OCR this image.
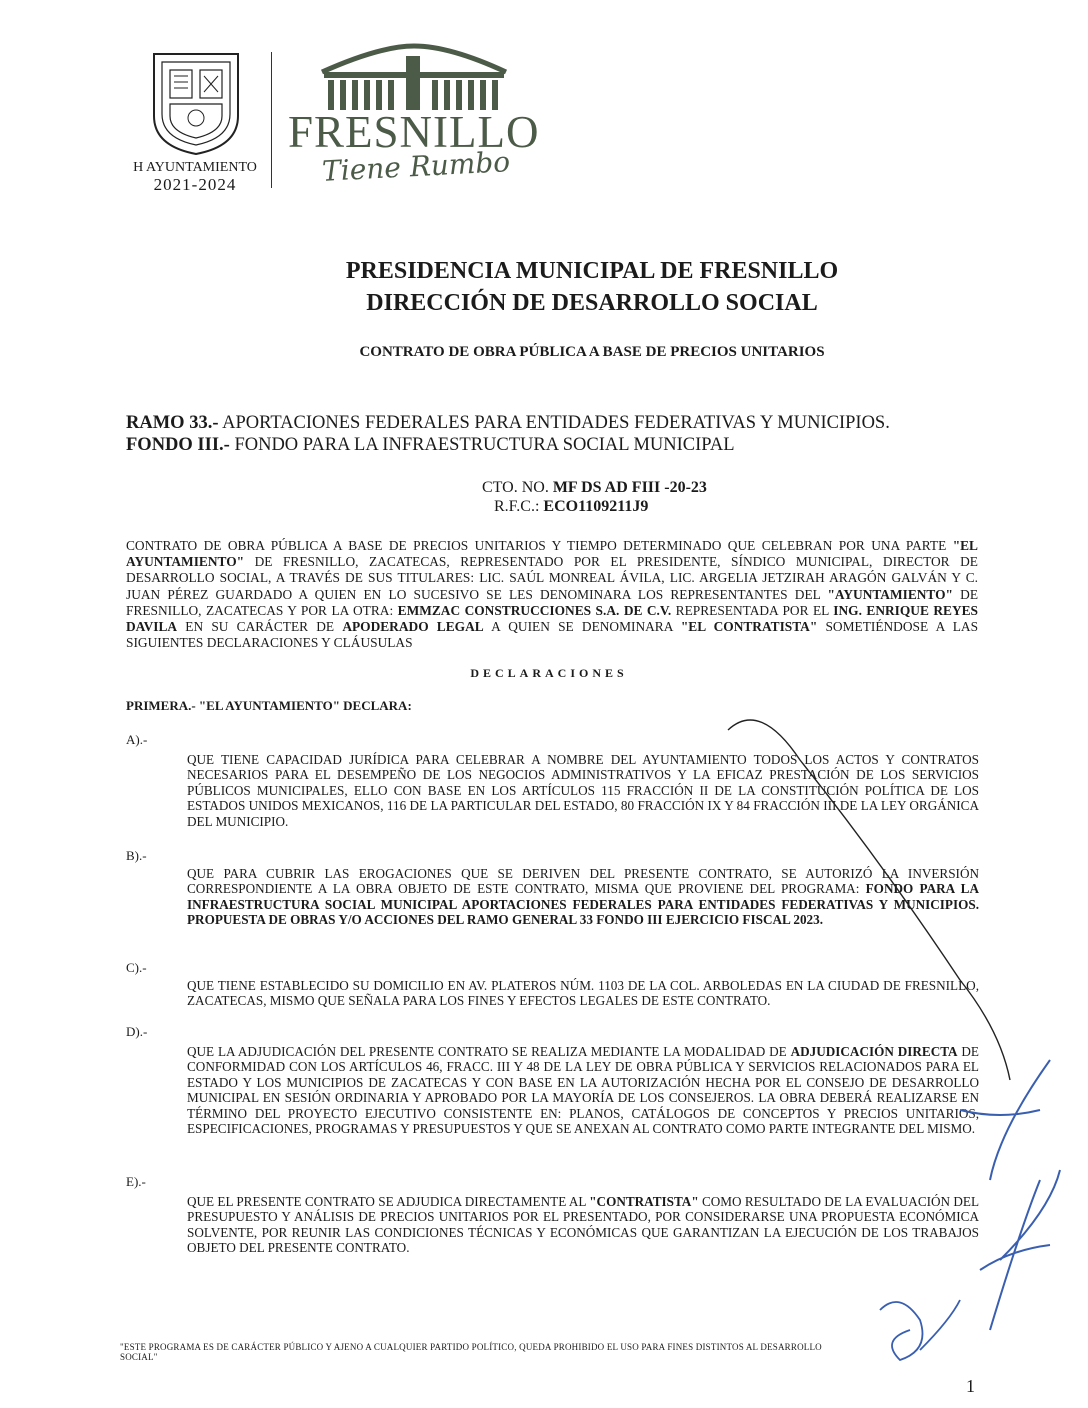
H AYUNTAMIENTO
2021-2024
FRESNILLO
Tiene Rumbo
PRESIDENCIA MUNICIPAL DE FRESNILLO
DIRECCIÓN DE DESARROLLO SOCIAL
CONTRATO DE OBRA PÚBLICA A BASE DE PRECIOS UNITARIOS
RAMO 33.- APORTACIONES FEDERALES PARA ENTIDADES FEDERATIVAS Y MUNICIPIOS.
FONDO III.- FONDO PARA LA INFRAESTRUCTURA SOCIAL MUNICIPAL
CTO. NO. MF DS AD FIII -20-23
R.F.C.: ECO1109211J9
CONTRATO DE OBRA PÚBLICA A BASE DE PRECIOS UNITARIOS Y TIEMPO DETERMINADO QUE CELEBRAN POR UNA PARTE "EL AYUNTAMIENTO" DE FRESNILLO, ZACATECAS, REPRESENTADO POR EL PRESIDENTE, SÍNDICO MUNICIPAL, DIRECTOR DE DESARROLLO SOCIAL, A TRAVÉS DE SUS TITULARES: LIC. SAÚL MONREAL ÁVILA, LIC. ARGELIA JETZIRAH ARAGÓN GALVÁN Y C. JUAN PÉREZ GUARDADO A QUIEN EN LO SUCESIVO SE LES DENOMINARA LOS REPRESENTANTES DEL "AYUNTAMIENTO" DE FRESNILLO, ZACATECAS Y POR LA OTRA: EMMZAC CONSTRUCCIONES S.A. DE C.V. REPRESENTADA POR EL ING. ENRIQUE REYES DAVILA EN SU CARÁCTER DE APODERADO LEGAL A QUIEN SE DENOMINARA "EL CONTRATISTA" SOMETIÉNDOSE A LAS SIGUIENTES DECLARACIONES Y CLÁUSULAS
DECLARACIONES
PRIMERA.- "EL AYUNTAMIENTO" DECLARA:
A).-
QUE TIENE CAPACIDAD JURÍDICA PARA CELEBRAR A NOMBRE DEL AYUNTAMIENTO TODOS LOS ACTOS Y CONTRATOS NECESARIOS PARA EL DESEMPEÑO DE LOS NEGOCIOS ADMINISTRATIVOS Y LA EFICAZ PRESTACIÓN DE LOS SERVICIOS PÚBLICOS MUNICIPALES, ELLO CON BASE EN LOS ARTÍCULOS 115 FRACCIÓN II DE LA CONSTITUCIÓN POLÍTICA DE LOS ESTADOS UNIDOS MEXICANOS, 116 DE LA PARTICULAR DEL ESTADO, 80 FRACCIÓN IX Y 84 FRACCIÓN III DE LA LEY ORGÁNICA DEL MUNICIPIO.
B).-
QUE PARA CUBRIR LAS EROGACIONES QUE SE DERIVEN DEL PRESENTE CONTRATO, SE AUTORIZÓ LA INVERSIÓN CORRESPONDIENTE A LA OBRA OBJETO DE ESTE CONTRATO, MISMA QUE PROVIENE DEL PROGRAMA: FONDO PARA LA INFRAESTRUCTURA SOCIAL MUNICIPAL APORTACIONES FEDERALES PARA ENTIDADES FEDERATIVAS Y MUNICIPIOS. PROPUESTA DE OBRAS Y/O ACCIONES DEL RAMO GENERAL 33 FONDO III EJERCICIO FISCAL 2023.
C).-
QUE TIENE ESTABLECIDO SU DOMICILIO EN AV. PLATEROS NÚM. 1103 DE LA COL. ARBOLEDAS EN LA CIUDAD DE FRESNILLO, ZACATECAS, MISMO QUE SEÑALA PARA LOS FINES Y EFECTOS LEGALES DE ESTE CONTRATO.
D).-
QUE LA ADJUDICACIÓN DEL PRESENTE CONTRATO SE REALIZA MEDIANTE LA MODALIDAD DE ADJUDICACIÓN DIRECTA DE CONFORMIDAD CON LOS ARTÍCULOS 46, FRACC. III Y 48 DE LA LEY DE OBRA PÚBLICA Y SERVICIOS RELACIONADOS PARA EL ESTADO Y LOS MUNICIPIOS DE ZACATECAS Y CON BASE EN LA AUTORIZACIÓN HECHA POR EL CONSEJO DE DESARROLLO MUNICIPAL EN SESIÓN ORDINARIA Y APROBADO POR LA MAYORÍA DE LOS CONSEJEROS. LA OBRA DEBERÁ REALIZARSE EN TÉRMINO DEL PROYECTO EJECUTIVO CONSISTENTE EN: PLANOS, CATÁLOGOS DE CONCEPTOS Y PRECIOS UNITARIOS, ESPECIFICACIONES, PROGRAMAS Y PRESUPUESTOS Y QUE SE ANEXAN AL CONTRATO COMO PARTE INTEGRANTE DEL MISMO.
E).-
QUE EL PRESENTE CONTRATO SE ADJUDICA DIRECTAMENTE AL "CONTRATISTA" COMO RESULTADO DE LA EVALUACIÓN DEL PRESUPUESTO Y ANÁLISIS DE PRECIOS UNITARIOS POR EL PRESENTADO, POR CONSIDERARSE UNA PROPUESTA ECONÓMICA SOLVENTE, POR REUNIR LAS CONDICIONES TÉCNICAS Y ECONÓMICAS QUE GARANTIZAN LA EJECUCIÓN DE LOS TRABAJOS OBJETO DEL PRESENTE CONTRATO.
"ESTE PROGRAMA ES DE CARÁCTER PÚBLICO Y AJENO A CUALQUIER PARTIDO POLÍTICO, QUEDA PROHIBIDO EL USO PARA FINES DISTINTOS AL DESARROLLO SOCIAL"
1
